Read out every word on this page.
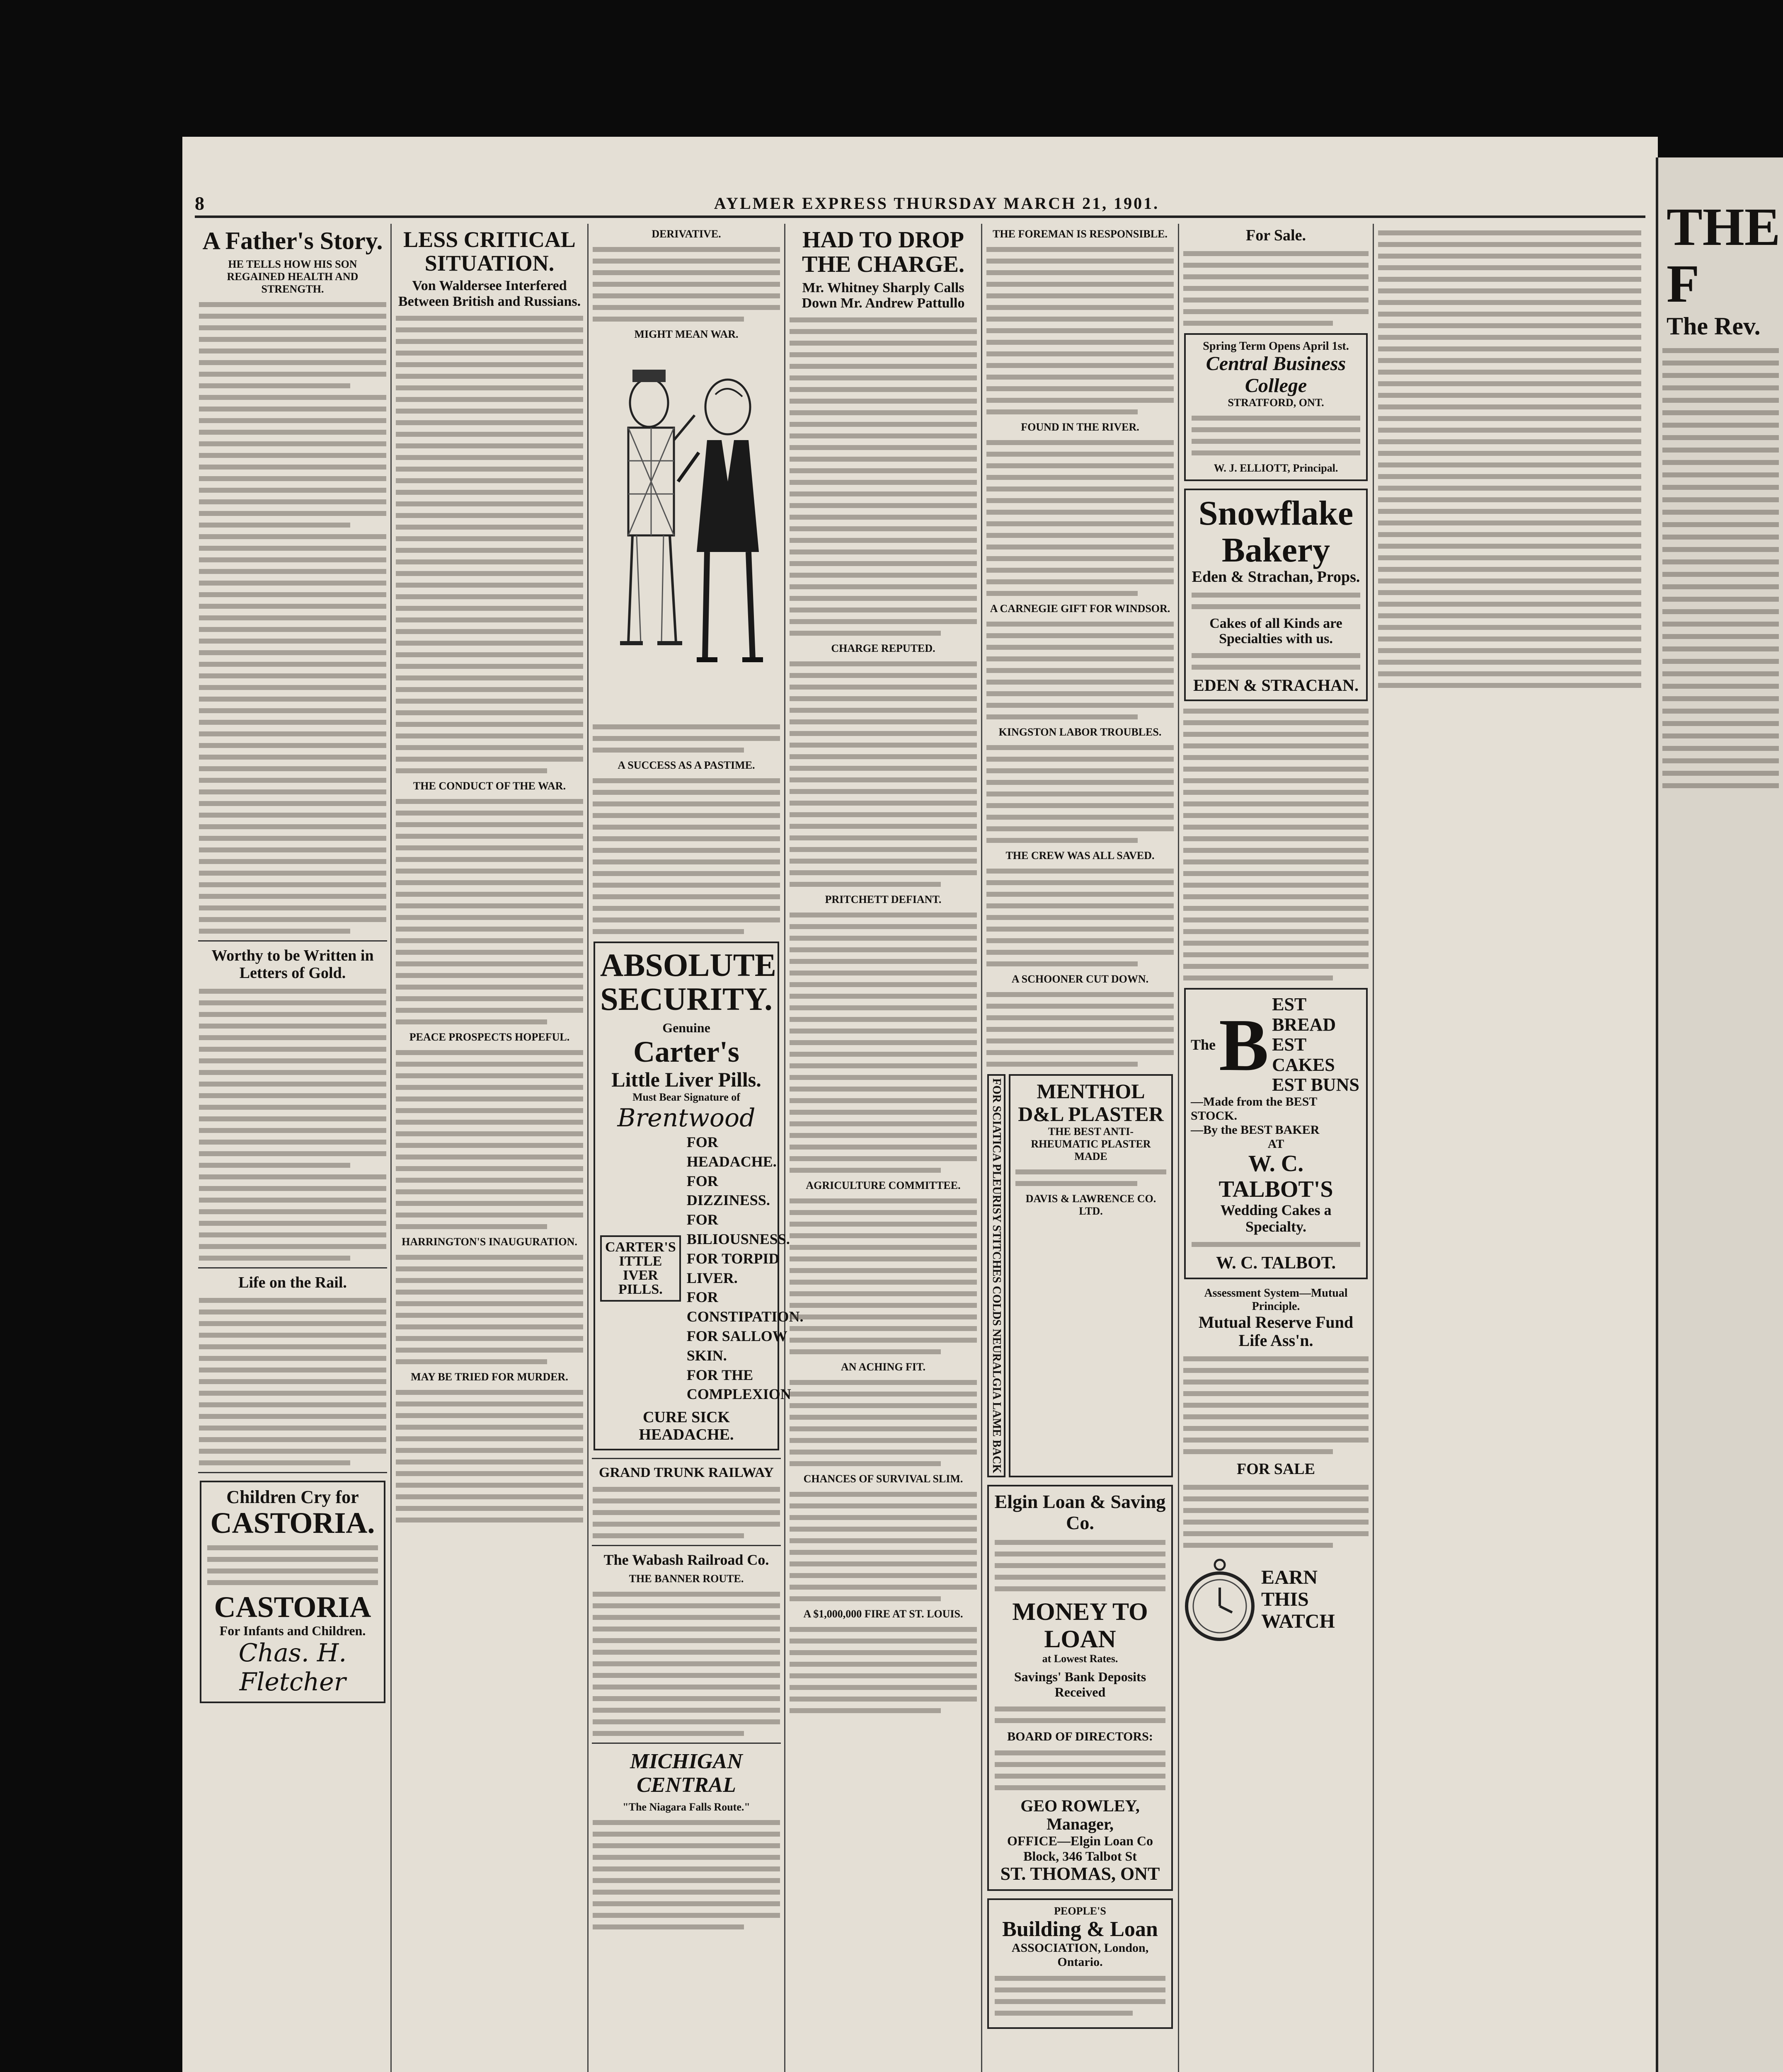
8	AYLMER EXPRESS THURSDAY MARCH 21, 1901.
A Father's Story.
HE TELLS HOW HIS SON REGAINED HEALTH AND STRENGTH.
Worthy to be Written in Letters of Gold.
Life on the Rail.
Children Cry for
CASTORIA.
CASTORIA
For Infants and Children.
Chas. H. Fletcher
LESS CRITICAL SITUATION.
Von Waldersee Interfered Between British and Russians.
THE CONDUCT OF THE WAR.
PEACE PROSPECTS HOPEFUL.
HARRINGTON'S INAUGURATION.
MAY BE TRIED FOR MURDER.
DERIVATIVE.
MIGHT MEAN WAR.
A SUCCESS AS A PASTIME.
ABSOLUTE
SECURITY.
Genuine
Carter's
Little Liver Pills.
Must Bear Signature of
Brentwood
CARTER'S ITTLE IVER PILLS.
FOR HEADACHE.
FOR DIZZINESS.
FOR BILIOUSNESS.
FOR TORPID LIVER.
FOR CONSTIPATION.
FOR SALLOW SKIN.
FOR THE COMPLEXION
CURE SICK HEADACHE.
GRAND TRUNK RAILWAY
The Wabash Railroad Co.
THE BANNER ROUTE.
MICHIGAN CENTRAL
"The Niagara Falls Route."
HAD TO DROP THE CHARGE.
Mr. Whitney Sharply Calls Down Mr. Andrew Pattullo
CHARGE REPUTED.
PRITCHETT DEFIANT.
AGRICULTURE COMMITTEE.
AN ACHING FIT.
CHANCES OF SURVIVAL SLIM.
A $1,000,000 FIRE AT ST. LOUIS.
THE FOREMAN IS RESPONSIBLE.
FOUND IN THE RIVER.
A CARNEGIE GIFT FOR WINDSOR.
KINGSTON LABOR TROUBLES.
THE CREW WAS ALL SAVED.
A SCHOONER CUT DOWN.
FOR SCIATICA PLEURISY STITCHES COLDS NEURALGIA LAME BACK	MENTHOL D&L PLASTER
THE BEST ANTI-RHEUMATIC PLASTER MADE
DAVIS & LAWRENCE CO. LTD.
Elgin Loan & Saving Co.
MONEY TO LOAN
at Lowest Rates.
Savings' Bank Deposits Received
BOARD OF DIRECTORS:
GEO ROWLEY, Manager,
OFFICE—Elgin Loan Co Block, 346 Talbot St
ST. THOMAS, ONT
PEOPLE'S
Building & Loan
ASSOCIATION, London, Ontario.
For Sale.
Spring Term Opens April 1st.
Central Business College
STRATFORD, ONT.
W. J. ELLIOTT, Principal.
Snowflake
Bakery
Eden & Strachan, Props.
Cakes of all Kinds are Specialties with us.
EDEN & STRACHAN.
The B EST BREAD
EST CAKES
EST BUNS
—Made from the BEST STOCK.
—By the BEST BAKER
AT
W. C. TALBOT'S
Wedding Cakes a Specialty.
W. C. TALBOT.
Assessment System—Mutual Principle.
Mutual Reserve Fund Life Ass'n.
FOR SALE
EARN THIS WATCH
THE F
The Rev.
